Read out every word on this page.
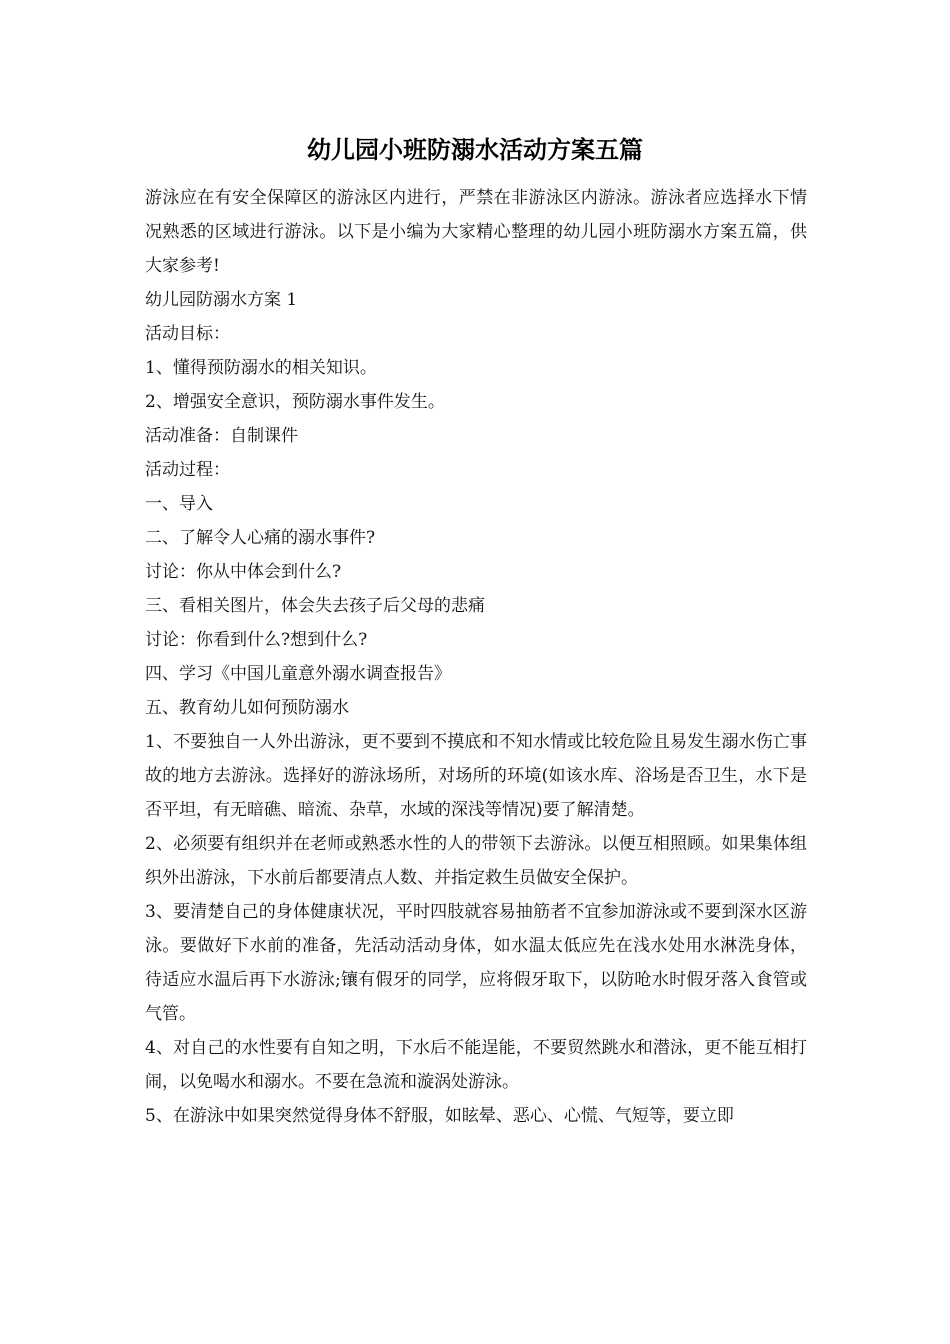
幼儿园小班防溺水活动方案五篇

游泳应在有安全保障区的游泳区内进行，严禁在非游泳区内游泳。游泳者应选择水下情况熟悉的区域进行游泳。以下是小编为大家精心整理的幼儿园小班防溺水方案五篇，供大家参考!

幼儿园防溺水方案 1

活动目标：

1、懂得预防溺水的相关知识。

2、增强安全意识，预防溺水事件发生。

活动准备：自制课件

活动过程：

一、导入

二、了解令人心痛的溺水事件?

讨论：你从中体会到什么?

三、看相关图片，体会失去孩子后父母的悲痛

讨论：你看到什么?想到什么?

四、学习《中国儿童意外溺水调查报告》

五、教育幼儿如何预防溺水

1、不要独自一人外出游泳，更不要到不摸底和不知水情或比较危险且易发生溺水伤亡事故的地方去游泳。选择好的游泳场所，对场所的环境(如该水库、浴场是否卫生，水下是否平坦，有无暗礁、暗流、杂草，水域的深浅等情况)要了解清楚。

2、必须要有组织并在老师或熟悉水性的人的带领下去游泳。以便互相照顾。如果集体组织外出游泳，下水前后都要清点人数、并指定救生员做安全保护。

3、要清楚自己的身体健康状况，平时四肢就容易抽筋者不宜参加游泳或不要到深水区游泳。要做好下水前的准备，先活动活动身体，如水温太低应先在浅水处用水淋洗身体，待适应水温后再下水游泳;镶有假牙的同学，应将假牙取下，以防呛水时假牙落入食管或气管。

4、对自己的水性要有自知之明，下水后不能逞能，不要贸然跳水和潜泳，更不能互相打闹，以免喝水和溺水。不要在急流和漩涡处游泳。

5、在游泳中如果突然觉得身体不舒服，如眩晕、恶心、心慌、气短等，要立即
